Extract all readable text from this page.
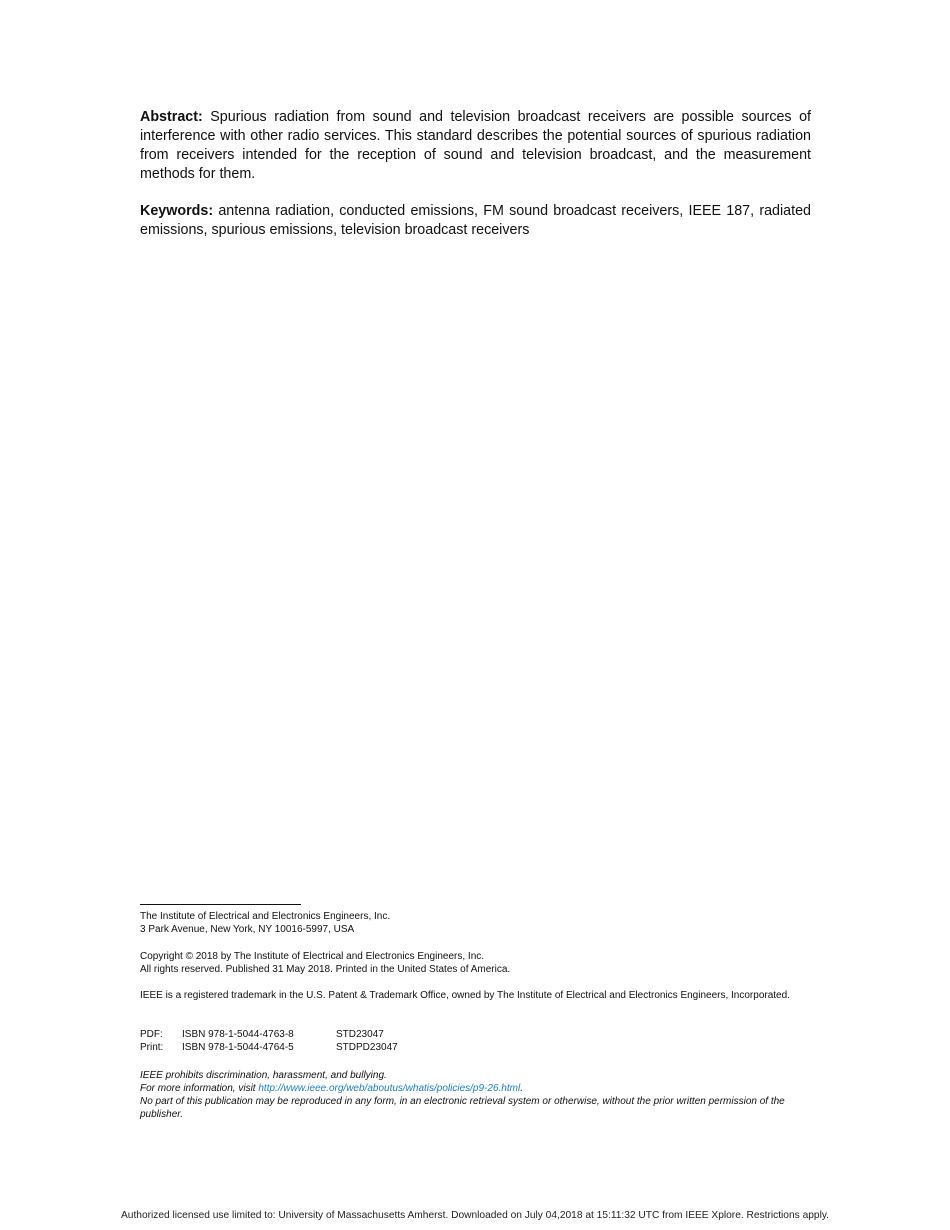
Abstract: Spurious radiation from sound and television broadcast receivers are possible sources of interference with other radio services. This standard describes the potential sources of spurious radiation from receivers intended for the reception of sound and television broadcast, and the measurement methods for them.

Keywords: antenna radiation, conducted emissions, FM sound broadcast receivers, IEEE 187, radiated emissions, spurious emissions, television broadcast receivers

The Institute of Electrical and Electronics Engineers, Inc.
3 Park Avenue, New York, NY 10016-5997, USA
Copyright © 2018 by The Institute of Electrical and Electronics Engineers, Inc.
All rights reserved. Published 31 May 2018. Printed in the United States of America.
IEEE is a registered trademark in the U.S. Patent & Trademark Office, owned by The Institute of Electrical and Electronics Engineers, Incorporated.
PDF:	ISBN 978-1-5044-4763-8	STD23047
Print:	ISBN 978-1-5044-4764-5	STDPD23047
IEEE prohibits discrimination, harassment, and bullying.
For more information, visit http://www.ieee.org/web/aboutus/whatis/policies/p9-26.html.
No part of this publication may be reproduced in any form, in an electronic retrieval system or otherwise, without the prior written permission of the publisher.
Authorized licensed use limited to: University of Massachusetts Amherst. Downloaded on July 04,2018 at 15:11:32 UTC from IEEE Xplore. Restrictions apply.
